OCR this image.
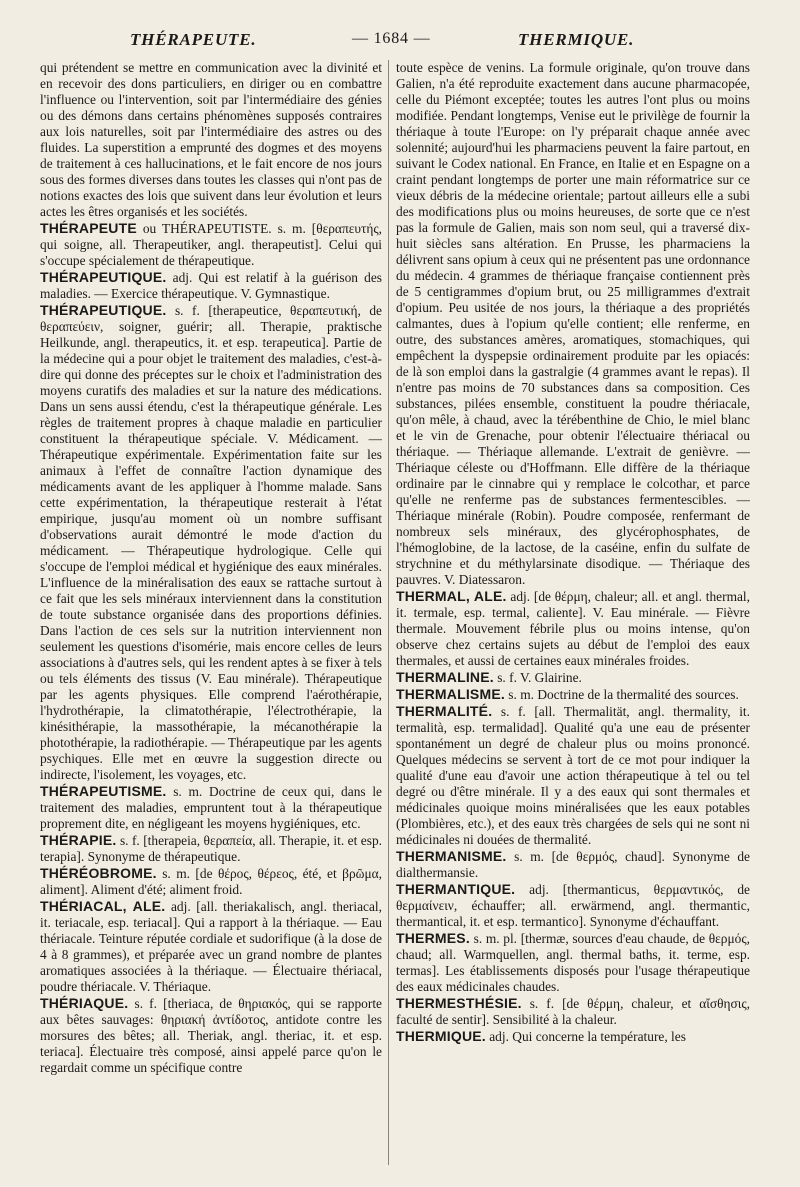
THÉRAPEUTE.	— 1684 —	THERMIQUE.

qui prétendent se mettre en communication avec la divinité et en recevoir des dons particuliers, en diriger ou en combattre l'influence ou l'intervention, soit par l'intermédiaire des génies ou des démons dans certains phénomènes supposés contraires aux lois naturelles, soit par l'intermédiaire des astres ou des fluides. La superstition a emprunté des dogmes et des moyens de traitement à ces hallucinations, et le fait encore de nos jours sous des formes diverses dans toutes les classes qui n'ont pas de notions exactes des lois que suivent dans leur évolution et leurs actes les êtres organisés et les sociétés.

THÉRAPEUTE ou THÉRAPEUTISTE. s. m. [θεραπευτής, qui soigne, all. Therapeutiker, angl. therapeutist]. Celui qui s'occupe spécialement de thérapeutique.

THÉRAPEUTIQUE. adj. Qui est relatif à la guérison des maladies. — Exercice thérapeutique. V. Gymnastique.

THÉRAPEUTIQUE. s. f. [therapeutice, θεραπευτική, de θεραπεύειν, soigner, guérir; all. Therapie, praktische Heilkunde, angl. therapeutics, it. et esp. terapeutica]. Partie de la médecine qui a pour objet le traitement des maladies, c'est-à-dire qui donne des préceptes sur le choix et l'administration des moyens curatifs des maladies et sur la nature des médications. Dans un sens aussi étendu, c'est la thérapeutique générale. Les règles de traitement propres à chaque maladie en particulier constituent la thérapeutique spéciale. V. Médicament. — Thérapeutique expérimentale. Expérimentation faite sur les animaux à l'effet de connaître l'action dynamique des médicaments avant de les appliquer à l'homme malade. Sans cette expérimentation, la thérapeutique resterait à l'état empirique, jusqu'au moment où un nombre suffisant d'observations aurait démontré le mode d'action du médicament. — Thérapeutique hydrologique. Celle qui s'occupe de l'emploi médical et hygiénique des eaux minérales. L'influence de la minéralisation des eaux se rattache surtout à ce fait que les sels minéraux interviennent dans la constitution de toute substance organisée dans des proportions définies. Dans l'action de ces sels sur la nutrition interviennent non seulement les questions d'isomérie, mais encore celles de leurs associations à d'autres sels, qui les rendent aptes à se fixer à tels ou tels éléments des tissus (V. Eau minérale). Thérapeutique par les agents physiques. Elle comprend l'aérothérapie, l'hydrothérapie, la climatothérapie, l'électrothérapie, la kinésithérapie, la massothérapie, la mécanothérapie la photothérapie, la radiothérapie. — Thérapeutique par les agents psychiques. Elle met en œuvre la suggestion directe ou indirecte, l'isolement, les voyages, etc.

THÉRAPEUTISME. s. m. Doctrine de ceux qui, dans le traitement des maladies, empruntent tout à la thérapeutique proprement dite, en négligeant les moyens hygiéniques, etc.

THÉRAPIE. s. f. [therapeia, θεραπεία, all. Therapie, it. et esp. terapia]. Synonyme de thérapeutique.

THÉRÉOBROME. s. m. [de θέρος, θέρεος, été, et βρῶμα, aliment]. Aliment d'été; aliment froid.

THÉRIACAL, ALE. adj. [all. theriakalisch, angl. theriacal, it. teriacale, esp. teriacal]. Qui a rapport à la thériaque. — Eau thériacale. Teinture réputée cordiale et sudorifique (à la dose de 4 à 8 grammes), et préparée avec un grand nombre de plantes aromatiques associées à la thériaque. — Électuaire thériacal, poudre thériacale. V. Thériaque.

THÉRIAQUE. s. f. [theriaca, de θηριακός, qui se rapporte aux bêtes sauvages: θηριακή ἀντίδοτος, antidote contre les morsures des bêtes; all. Theriak, angl. theriac, it. et esp. teriaca]. Électuaire très composé, ainsi appelé parce qu'on le regardait comme un spécifique contre

toute espèce de venins. La formule originale, qu'on trouve dans Galien, n'a été reproduite exactement dans aucune pharmacopée, celle du Piémont exceptée; toutes les autres l'ont plus ou moins modifiée. Pendant longtemps, Venise eut le privilège de fournir la thériaque à toute l'Europe: on l'y préparait chaque année avec solennité; aujourd'hui les pharmaciens peuvent la faire partout, en suivant le Codex national. En France, en Italie et en Espagne on a craint pendant longtemps de porter une main réformatrice sur ce vieux débris de la médecine orientale; partout ailleurs elle a subi des modifications plus ou moins heureuses, de sorte que ce n'est pas la formule de Galien, mais son nom seul, qui a traversé dix-huit siècles sans altération. En Prusse, les pharmaciens la délivrent sans opium à ceux qui ne présentent pas une ordonnance du médecin. 4 grammes de thériaque française contiennent près de 5 centigrammes d'opium brut, ou 25 milligrammes d'extrait d'opium. Peu usitée de nos jours, la thériaque a des propriétés calmantes, dues à l'opium qu'elle contient; elle renferme, en outre, des substances amères, aromatiques, stomachiques, qui empêchent la dyspepsie ordinairement produite par les opiacés: de là son emploi dans la gastralgie (4 grammes avant le repas). Il n'entre pas moins de 70 substances dans sa composition. Ces substances, pilées ensemble, constituent la poudre thériacale, qu'on mêle, à chaud, avec la térébenthine de Chio, le miel blanc et le vin de Grenache, pour obtenir l'électuaire thériacal ou thériaque. — Thériaque allemande. L'extrait de genièvre. — Thériaque céleste ou d'Hoffmann. Elle diffère de la thériaque ordinaire par le cinnabre qui y remplace le colcothar, et parce qu'elle ne renferme pas de substances fermentescibles. — Thériaque minérale (Robin). Poudre composée, renfermant de nombreux sels minéraux, des glycérophosphates, de l'hémoglobine, de la lactose, de la caséine, enfin du sulfate de strychnine et du méthylarsinate disodique. — Thériaque des pauvres. V. Diatessaron.

THERMAL, ALE. adj. [de θέρμη, chaleur; all. et angl. thermal, it. termale, esp. termal, caliente]. V. Eau minérale. — Fièvre thermale. Mouvement fébrile plus ou moins intense, qu'on observe chez certains sujets au début de l'emploi des eaux thermales, et aussi de certaines eaux minérales froides.

THERMALINE. s. f. V. Glairine.

THERMALISME. s. m. Doctrine de la thermalité des sources.

THERMALITÉ. s. f. [all. Thermalität, angl. thermality, it. termalità, esp. termalidad]. Qualité qu'a une eau de présenter spontanément un degré de chaleur plus ou moins prononcé. Quelques médecins se servent à tort de ce mot pour indiquer la qualité d'une eau d'avoir une action thérapeutique à tel ou tel degré ou d'être minérale. Il y a des eaux qui sont thermales et médicinales quoique moins minéralisées que les eaux potables (Plombières, etc.), et des eaux très chargées de sels qui ne sont ni médicinales ni douées de thermalité.

THERMANISME. s. m. [de θερμός, chaud]. Synonyme de dialthermansie.

THERMANTIQUE. adj. [thermanticus, θερμαντικός, de θερμαίνειν, échauffer; all. erwärmend, angl. thermantic, thermantical, it. et esp. termantico]. Synonyme d'échauffant.

THERMES. s. m. pl. [thermæ, sources d'eau chaude, de θερμός, chaud; all. Warmquellen, angl. thermal baths, it. terme, esp. termas]. Les établissements disposés pour l'usage thérapeutique des eaux médicinales chaudes.

THERMESTHÉSIE. s. f. [de θέρμη, chaleur, et αἴσθησις, faculté de sentir]. Sensibilité à la chaleur.

THERMIQUE. adj. Qui concerne la température, les
